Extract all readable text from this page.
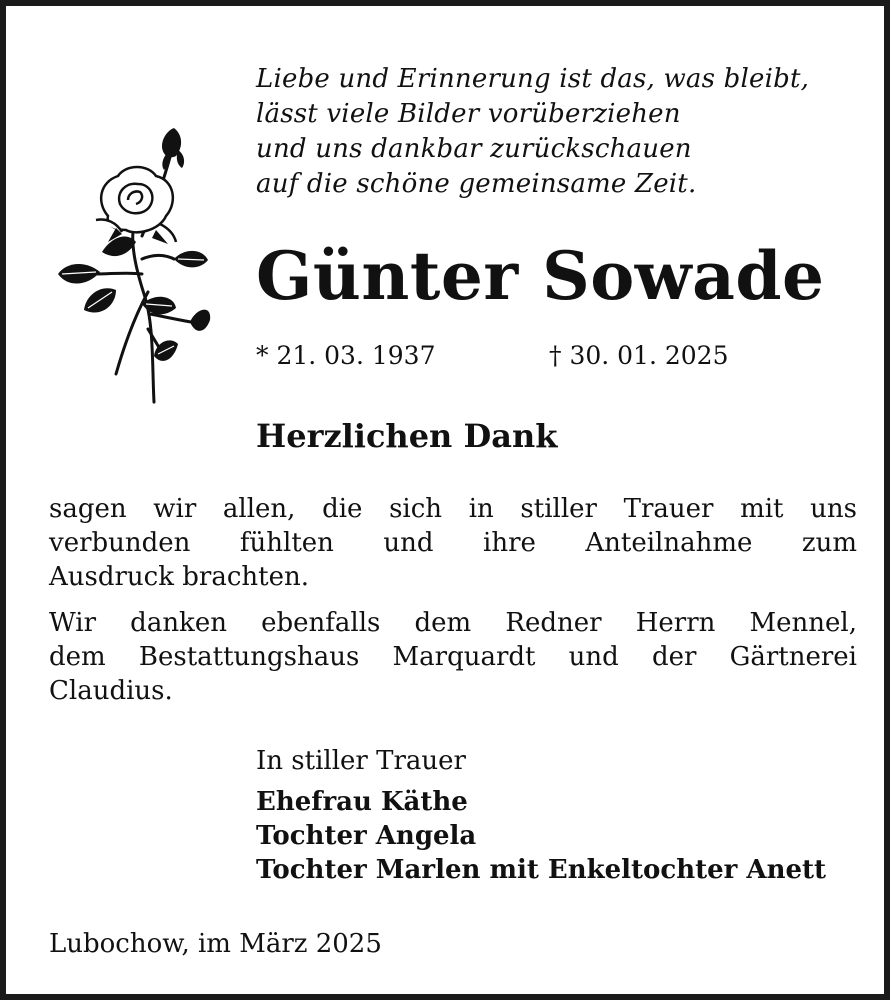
Liebe und Erinnerung ist das, was bleibt,
lässt viele Bilder vorüberziehen
und uns dankbar zurückschauen
auf die schöne gemeinsame Zeit.
Günter Sowade
* 21. 03. 1937	† 30. 01. 2025
Herzlichen Dank
sagen wir allen, die sich in stiller Trauer mit uns
verbunden fühlten und ihre Anteilnahme zum
Ausdruck brachten.
Wir danken ebenfalls dem Redner Herrn Mennel,
dem Bestattungshaus Marquardt und der Gärtnerei
Claudius.
In stiller Trauer
Ehefrau Käthe
Tochter Angela
Tochter Marlen mit Enkeltochter Anett
Lubochow, im März 2025
